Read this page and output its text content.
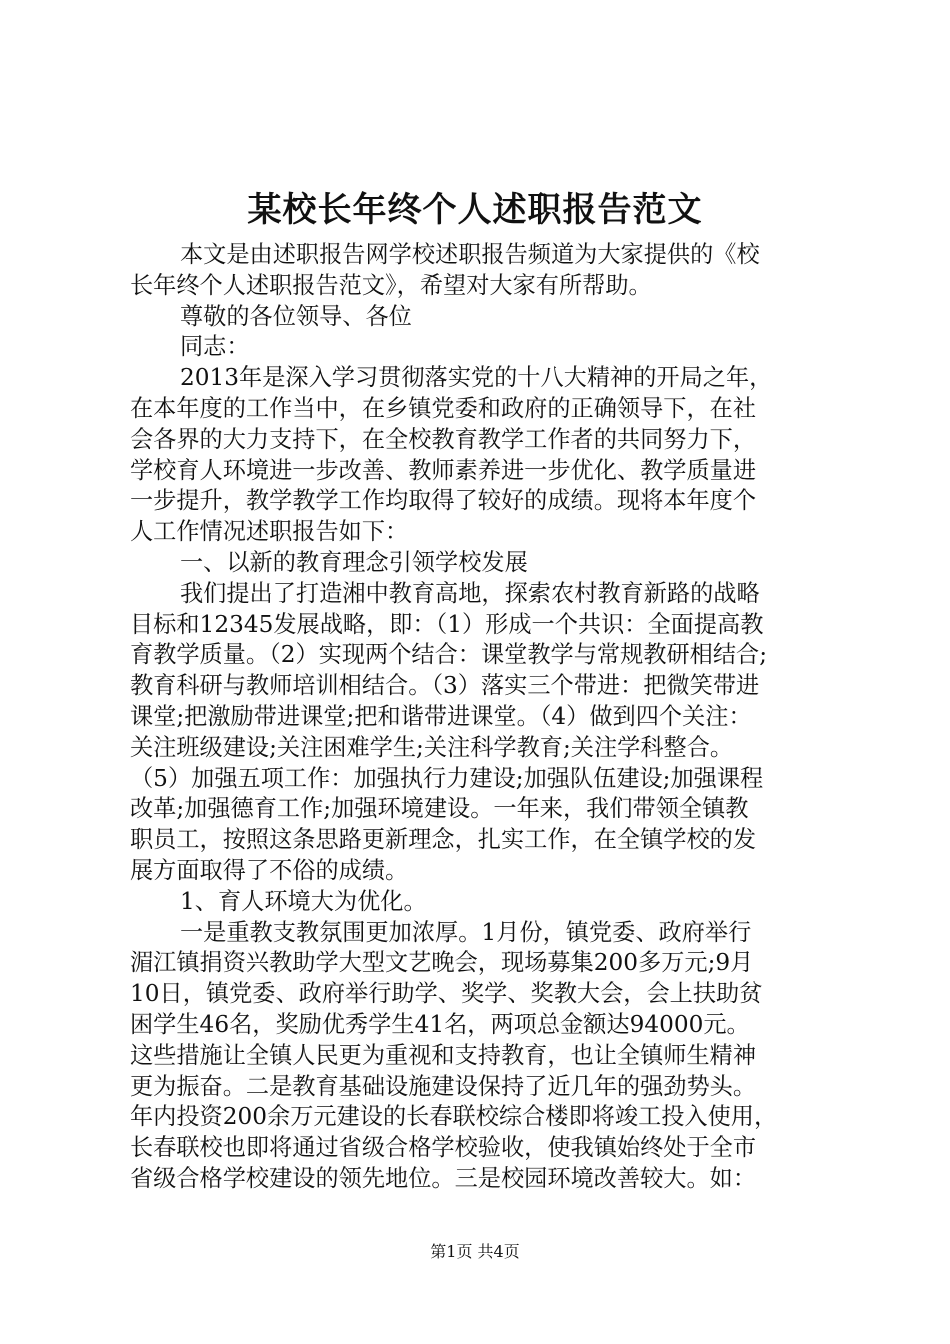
某校长年终个人述职报告范文
本文是由述职报告网学校述职报告频道为大家提供的《校
长年终个人述职报告范文》，希望对大家有所帮助。
尊敬的各位领导、各位
同志：
2013年是深入学习贯彻落实党的十八大精神的开局之年，
在本年度的工作当中，在乡镇党委和政府的正确领导下，在社
会各界的大力支持下，在全校教育教学工作者的共同努力下，
学校育人环境进一步改善、教师素养进一步优化、教学质量进
一步提升，教学教学工作均取得了较好的成绩。现将本年度个
人工作情况述职报告如下：
一、以新的教育理念引领学校发展
我们提出了打造湘中教育高地，探索农村教育新路的战略
目标和12345发展战略，即：（1）形成一个共识：全面提高教
育教学质量。（2）实现两个结合：课堂教学与常规教研相结合;
教育科研与教师培训相结合。（3）落实三个带进：把微笑带进
课堂;把激励带进课堂;把和谐带进课堂。（4）做到四个关注：
关注班级建设;关注困难学生;关注科学教育;关注学科整合。
（5）加强五项工作：加强执行力建设;加强队伍建设;加强课程
改革;加强德育工作;加强环境建设。一年来，我们带领全镇教
职员工，按照这条思路更新理念，扎实工作，在全镇学校的发
展方面取得了不俗的成绩。
1、育人环境大为优化。
一是重教支教氛围更加浓厚。1月份，镇党委、政府举行
湄江镇捐资兴教助学大型文艺晚会，现场募集200多万元;9月
10日，镇党委、政府举行助学、奖学、奖教大会，会上扶助贫
困学生46名，奖励优秀学生41名，两项总金额达94000元。
这些措施让全镇人民更为重视和支持教育，也让全镇师生精神
更为振奋。二是教育基础设施建设保持了近几年的强劲势头。
年内投资200余万元建设的长春联校综合楼即将竣工投入使用，
长春联校也即将通过省级合格学校验收，使我镇始终处于全市
省级合格学校建设的领先地位。三是校园环境改善较大。如：
第1页 共4页
